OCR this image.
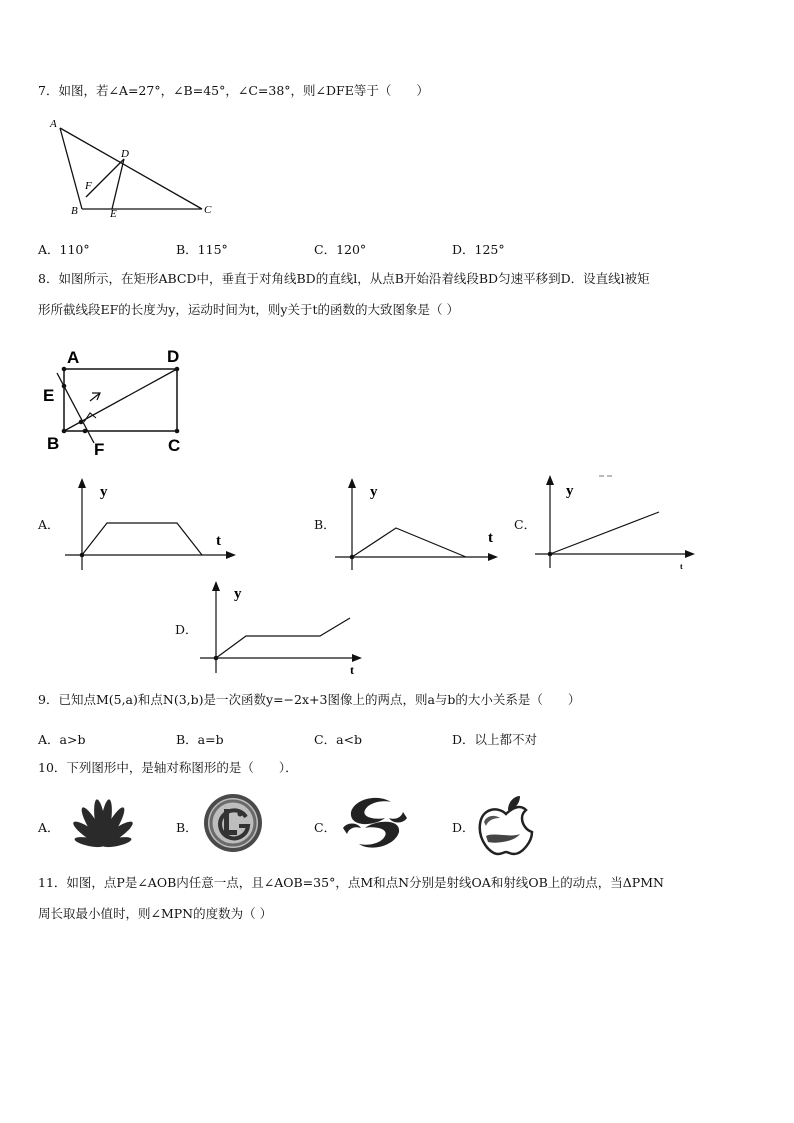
7．如图，若∠A=27°，∠B=45°，∠C=38°，则∠DFE等于（　　）
A
D
F
B	E	C
A．110°	B．115°	C．120°	D．125°
8．如图所示，在矩形ABCD中，垂直于对角线BD的直线l，从点B开始沿着线段BD匀速平移到D．设直线l被矩
形所截线段EF的长度为y，运动时间为t，则y关于t的函数的大致图象是（ ）
A	D
E
B F	C
A．
y
t
B．
y
t
C．
y
t
D．
y
t
9．已知点M(5,a)和点N(3,b)是一次函数y=−2x+3图像上的两点，则a与b的大小关系是（　　）
A．a>b	B．a=b	C．a<b	D．以上都不对
10．下列图形中，是轴对称图形的是（　　）．
A．	B．	C．	D．
11．如图，点P是∠AOB内任意一点，且∠AOB=35°，点M和点N分别是射线OA和射线OB上的动点，当ΔPMN
周长取最小值时，则∠MPN的度数为（ ）
